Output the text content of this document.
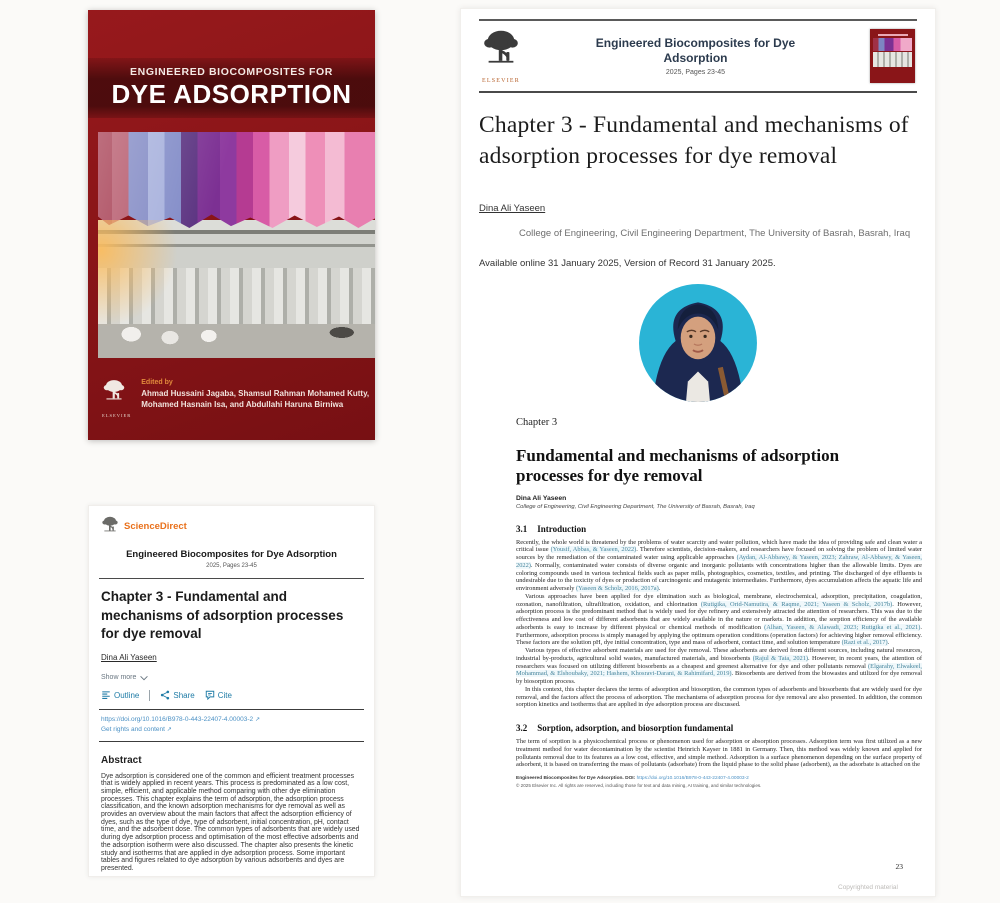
ENGINEERED BIOCOMPOSITES FOR
DYE ADSORPTION
ELSEVIER
Edited by
Ahmad Hussaini Jagaba, Shamsul Rahman Mohamed Kutty,
Mohamed Hasnain Isa, and Abdullahi Haruna Birniwa
ScienceDirect
Engineered Biocomposites for Dye Adsorption
2025, Pages 23-45
Chapter 3 - Fundamental and mechanisms of adsorption processes for dye removal
Dina Ali Yaseen
Show more
Outline	Share	Cite
https://doi.org/10.1016/B978-0-443-22407-4.00003-2 ↗
Get rights and content ↗
Abstract
Dye adsorption is considered one of the common and efficient treatment processes that is widely applied in recent years. This process is predominated as a low cost, simple, efficient, and applicable method comparing with other dye elimination processes. This chapter explains the term of adsorption, the adsorption process classification, and the known adsorption mechanisms for dye removal as well as provides an overview about the main factors that affect the adsorption efficiency of dyes, such as the type of dye, type of adsorbent, initial concentration, pH, contact time, and the adsorbent dose. The common types of adsorbents that are widely used during dye adsorption process and optimisation of the most effective adsorbents and the adsorption isotherm were also discussed. The chapter also presents the kinetic study and isotherms that are applied in dye adsorption process. Some important tables and figures related to dye adsorption by various adsorbents and dyes are presented.
ELSEVIER
Engineered Biocomposites for Dye Adsorption
2025, Pages 23-45
Chapter 3 - Fundamental and mechanisms of adsorption processes for dye removal
Dina Ali Yaseen
College of Engineering, Civil Engineering Department, The University of Basrah, Basrah, Iraq
Available online 31 January 2025, Version of Record 31 January 2025.
Chapter 3
Fundamental and mechanisms of adsorption processes for dye removal
Dina Ali Yaseen
College of Engineering, Civil Engineering Department, The University of Basrah, Basrah, Iraq
3.1 Introduction

Recently, the whole world is threatened by the problems of water scarcity and water pollution, which have made the idea of providing safe and clean water a critical issue (Yousif, Abbas, & Yaseen, 2022). Therefore scientists, decision-makers, and researchers have focused on solving the problem of limited water sources by the remediation of the contaminated water using applicable approaches (Aydan, Al-Abbawy, & Yaseen, 2023; Zahraw, Al-Abbawy, & Yaseen, 2022). Normally, contaminated water consists of diverse organic and inorganic pollutants with concentrations higher than the allowable limits. Dyes are coloring compounds used in various technical fields such as paper mills, photographics, cosmetics, textiles, and printing. The discharged of dye effluents is undesirable due to the toxicity of dyes or production of carcinogenic and mutagenic intermediates. Furthermore, dyes accumulation affects the aquatic life and environment adversely (Yaseen & Scholz, 2016, 2017a).

Various approaches have been applied for dye elimination such as biological, membrane, electrochemical, adsorption, precipitation, coagulation, ozonation, nanofiltration, ultrafiltration, oxidation, and chlorination (Rutigika, Orid-Namutira, & Raqme, 2021; Yaseen & Scholz, 2017b). However, adsorption process is the predominant method that is widely used for dye refinery and extensively attracted the attention of researchers. This was due to the effectiveness and low cost of different adsorbents that are widely available in the nature or markets. In addition, the sorption efficiency of the available adsorbents is easy to increase by different physical or chemical methods of modification (Alhan, Yaseen, & Alawadi, 2023; Rutigika et al., 2021). Furthermore, adsorption process is simply managed by applying the optimum operation conditions (operation factors) for achieving higher removal efficiency. These factors are the solution pH, dye initial concentration, type and mass of adsorbent, contact time, and solution temperature (Razi et al., 2017).

Various types of effective adsorbent materials are used for dye removal. These adsorbents are derived from different sources, including natural resources, industrial by-products, agricultural solid wastes, manufactured materials, and biosorbents (Rajul & Taia, 2021). However, in recent years, the attention of researchers was focused on utilizing different biosorbents as a cheapest and greenest alternative for dye and other pollutants removal (Elgarahy, Elwakeel, Mohammad, & Elshoubaky, 2021; Hashem, Khosravi-Darani, & Rahimifard, 2019). Biosorbents are derived from the biowastes and utilized for dye removal by biosorption process.

In this context, this chapter declares the terms of adsorption and biosorption, the common types of adsorbents and biosorbents that are widely used for dye removal, and the factors affect the process of adsorption. The mechanisms of adsorption process for dye removal are also presented. In addition, the common sorption kinetics and isotherms that are applied in dye adsorption process are discussed.

3.2 Sorption, adsorption, and biosorption fundamental

The term of sorption is a physicochemical process or phenomenon used for adsorption or absorption processes. Adsorption term was first utilized as a new treatment method for water decontamination by the scientist Heinrich Kayser in 1881 in Germany. Then, this method was widely known and applied for pollutants removal due to its features as a low cost, effective, and simple method. Adsorption is a surface phenomenon depending on the surface property of adsorbent, it is based on transferring the mass of pollutants (adsorbate) from the liquid phase to the solid phase (adsorbent), as the adsorbate is attached on the

Engineered Biocomposites for Dye Adsorption. DOI: https://doi.org/10.1016/B978-0-443-22407-4.00003-2
© 2025 Elsevier Inc. All rights are reserved, including those for text and data mining, AI training, and similar technologies.
23
Copyrighted material
